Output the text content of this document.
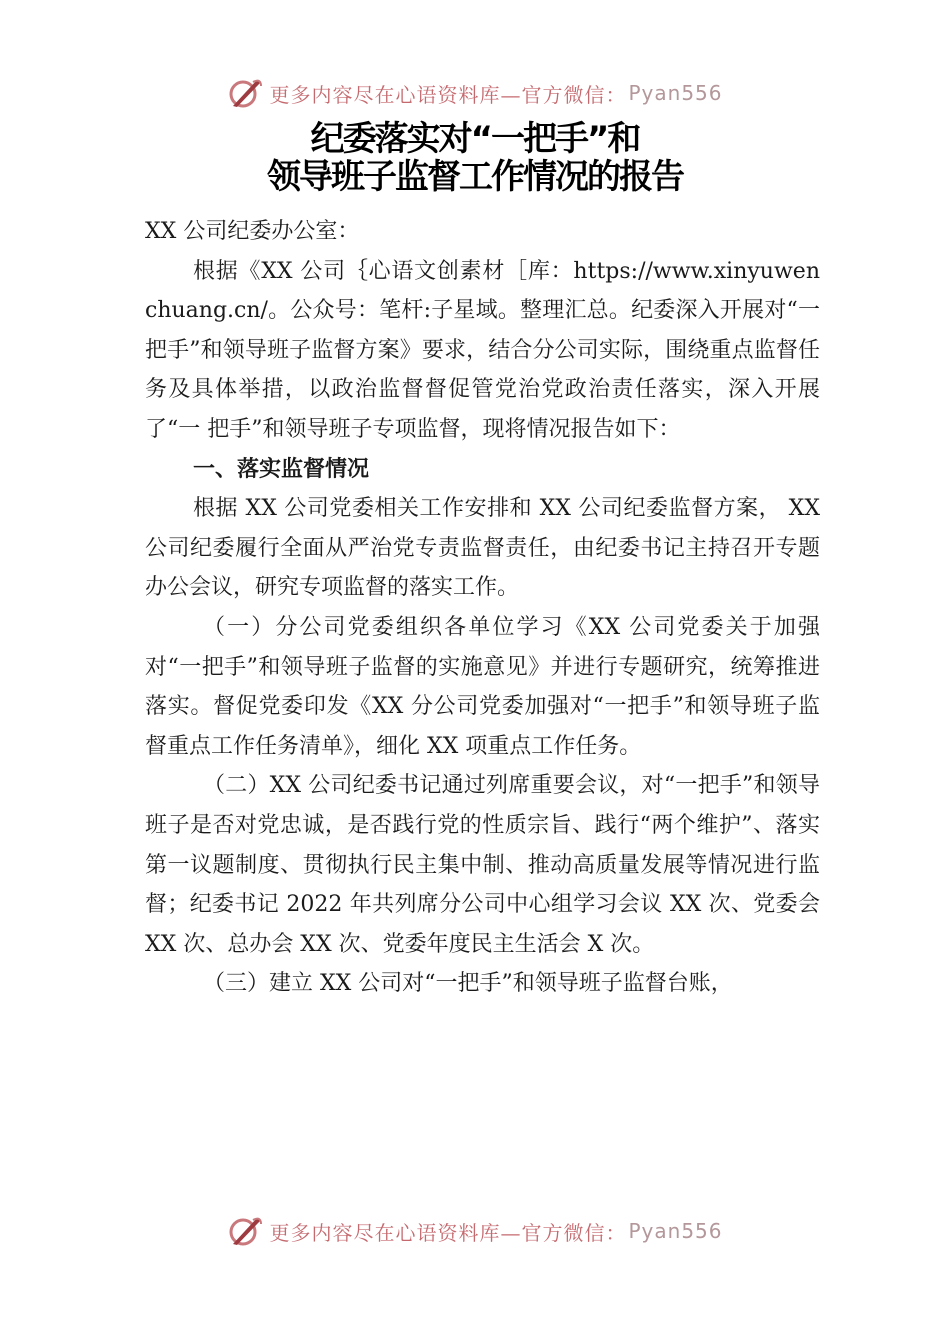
更多内容尽在心语资料库—官方微信： Pyan556
纪委落实对“一把手”和
领导班子监督工作情况的报告

XX 公司纪委办公室：

根据《XX 公司｛心语文创素材［库：https://www.xinyuwenchuang.cn/。公众号：笔杆:子星域。整理汇总。纪委深入开展对“一把手”和领导班子监督方案》要求，结合分公司实际，围绕重点监督任务及具体举措，以政治监督督促管党治党政治责任落实，深入开展了“一 把手”和领导班子专项监督，现将情况报告如下：

一、落实监督情况

根据 XX 公司党委相关工作安排和 XX 公司纪委监督方案， XX 公司纪委履行全面从严治党专责监督责任，由纪委书记主持召开专题办公会议，研究专项监督的落实工作。

（一）分公司党委组织各单位学习《XX 公司党委关于加强对“一把手”和领导班子监督的实施意见》并进行专题研究，统筹推进落实。督促党委印发《XX 分公司党委加强对“一把手”和领导班子监督重点工作任务清单》，细化 XX 项重点工作任务。

（二）XX 公司纪委书记通过列席重要会议，对“一把手”和领导班子是否对党忠诚，是否践行党的性质宗旨、践行“两个维护”、落实第一议题制度、贯彻执行民主集中制、推动高质量发展等情况进行监督；纪委书记 2022 年共列席分公司中心组学习会议 XX 次、党委会 XX 次、总办会 XX 次、党委年度民主生活会 X 次。

（三）建立 XX 公司对“一把手”和领导班子监督台账，

更多内容尽在心语资料库—官方微信： Pyan556
